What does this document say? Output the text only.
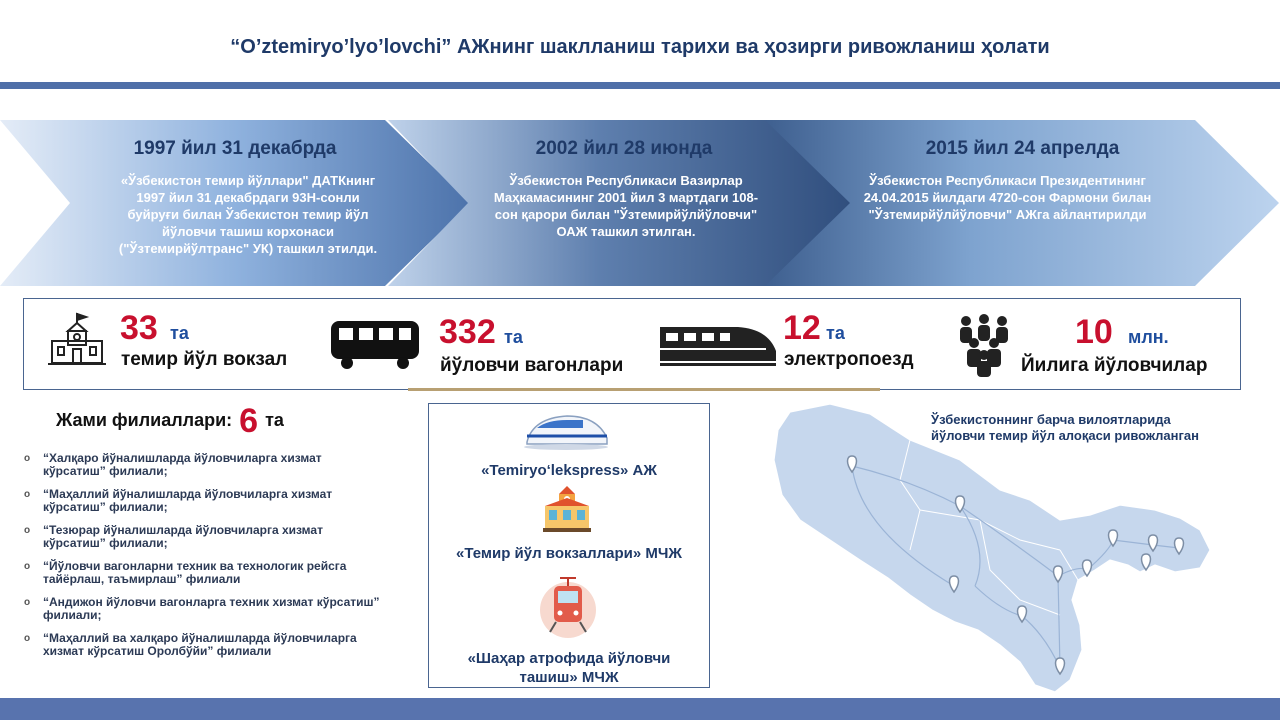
“O’ztemiryo’lyo’lovchi” АЖнинг шаклланиш тарихи ва ҳозирги ривожланиш ҳолати
1997 йил 31 декабрда
«Ўзбекистон темир йўллари" ДАТКнинг
1997 йил 31 декабрдаги 93Н-сонли
буйруғи билан Ўзбекистон темир йўл
йўловчи ташиш корхонаси
("Ўзтемирйўлтранс" УК) ташкил этилди.
2002 йил 28 июнда
Ўзбекистон Республикаси Вазирлар
Маҳкамасининг 2001 йил 3 мартдаги 108-
сон қарори билан "Ўзтемирйўлйўловчи"
ОАЖ ташкил этилган.
2015 йил 24 апрелда
Ўзбекистон Республикаси Президентининг
24.04.2015 йилдаги 4720-сон Фармони билан
"Ўзтемирйўлйўловчи" АЖга айлантирилди
33 та
темир йўл вокзал
332 та
йўловчи вагонлари
12 та
электропоезд
10 млн.
Йилига йўловчилар
Жами филиаллари: 6 та
o “Халқаро йўналишларда йўловчиларга хизмат кўрсатиш” филиали;
o “Маҳаллий йўналишларда йўловчиларга хизмат кўрсатиш” филиали;
o “Тезюрар йўналишларда йўловчиларга хизмат кўрсатиш” филиали;
o “Йўловчи вагонларни техник ва технологик рейсга тайёрлаш, таъмирлаш” филиали
o “Андижон йўловчи вагонларга техник хизмат кўрсатиш” филиали;
o “Маҳаллий ва халқаро йўналишларда йўловчиларга хизмат кўрсатиш Оролбўйи” филиали
«Temiryo‘lekspress» АЖ
«Темир йўл вокзаллари» МЧЖ
«Шаҳар атрофида йўловчи ташиш» МЧЖ
Ўзбекистоннинг барча вилоятларида
йўловчи темир йўл алоқаси ривожланган
